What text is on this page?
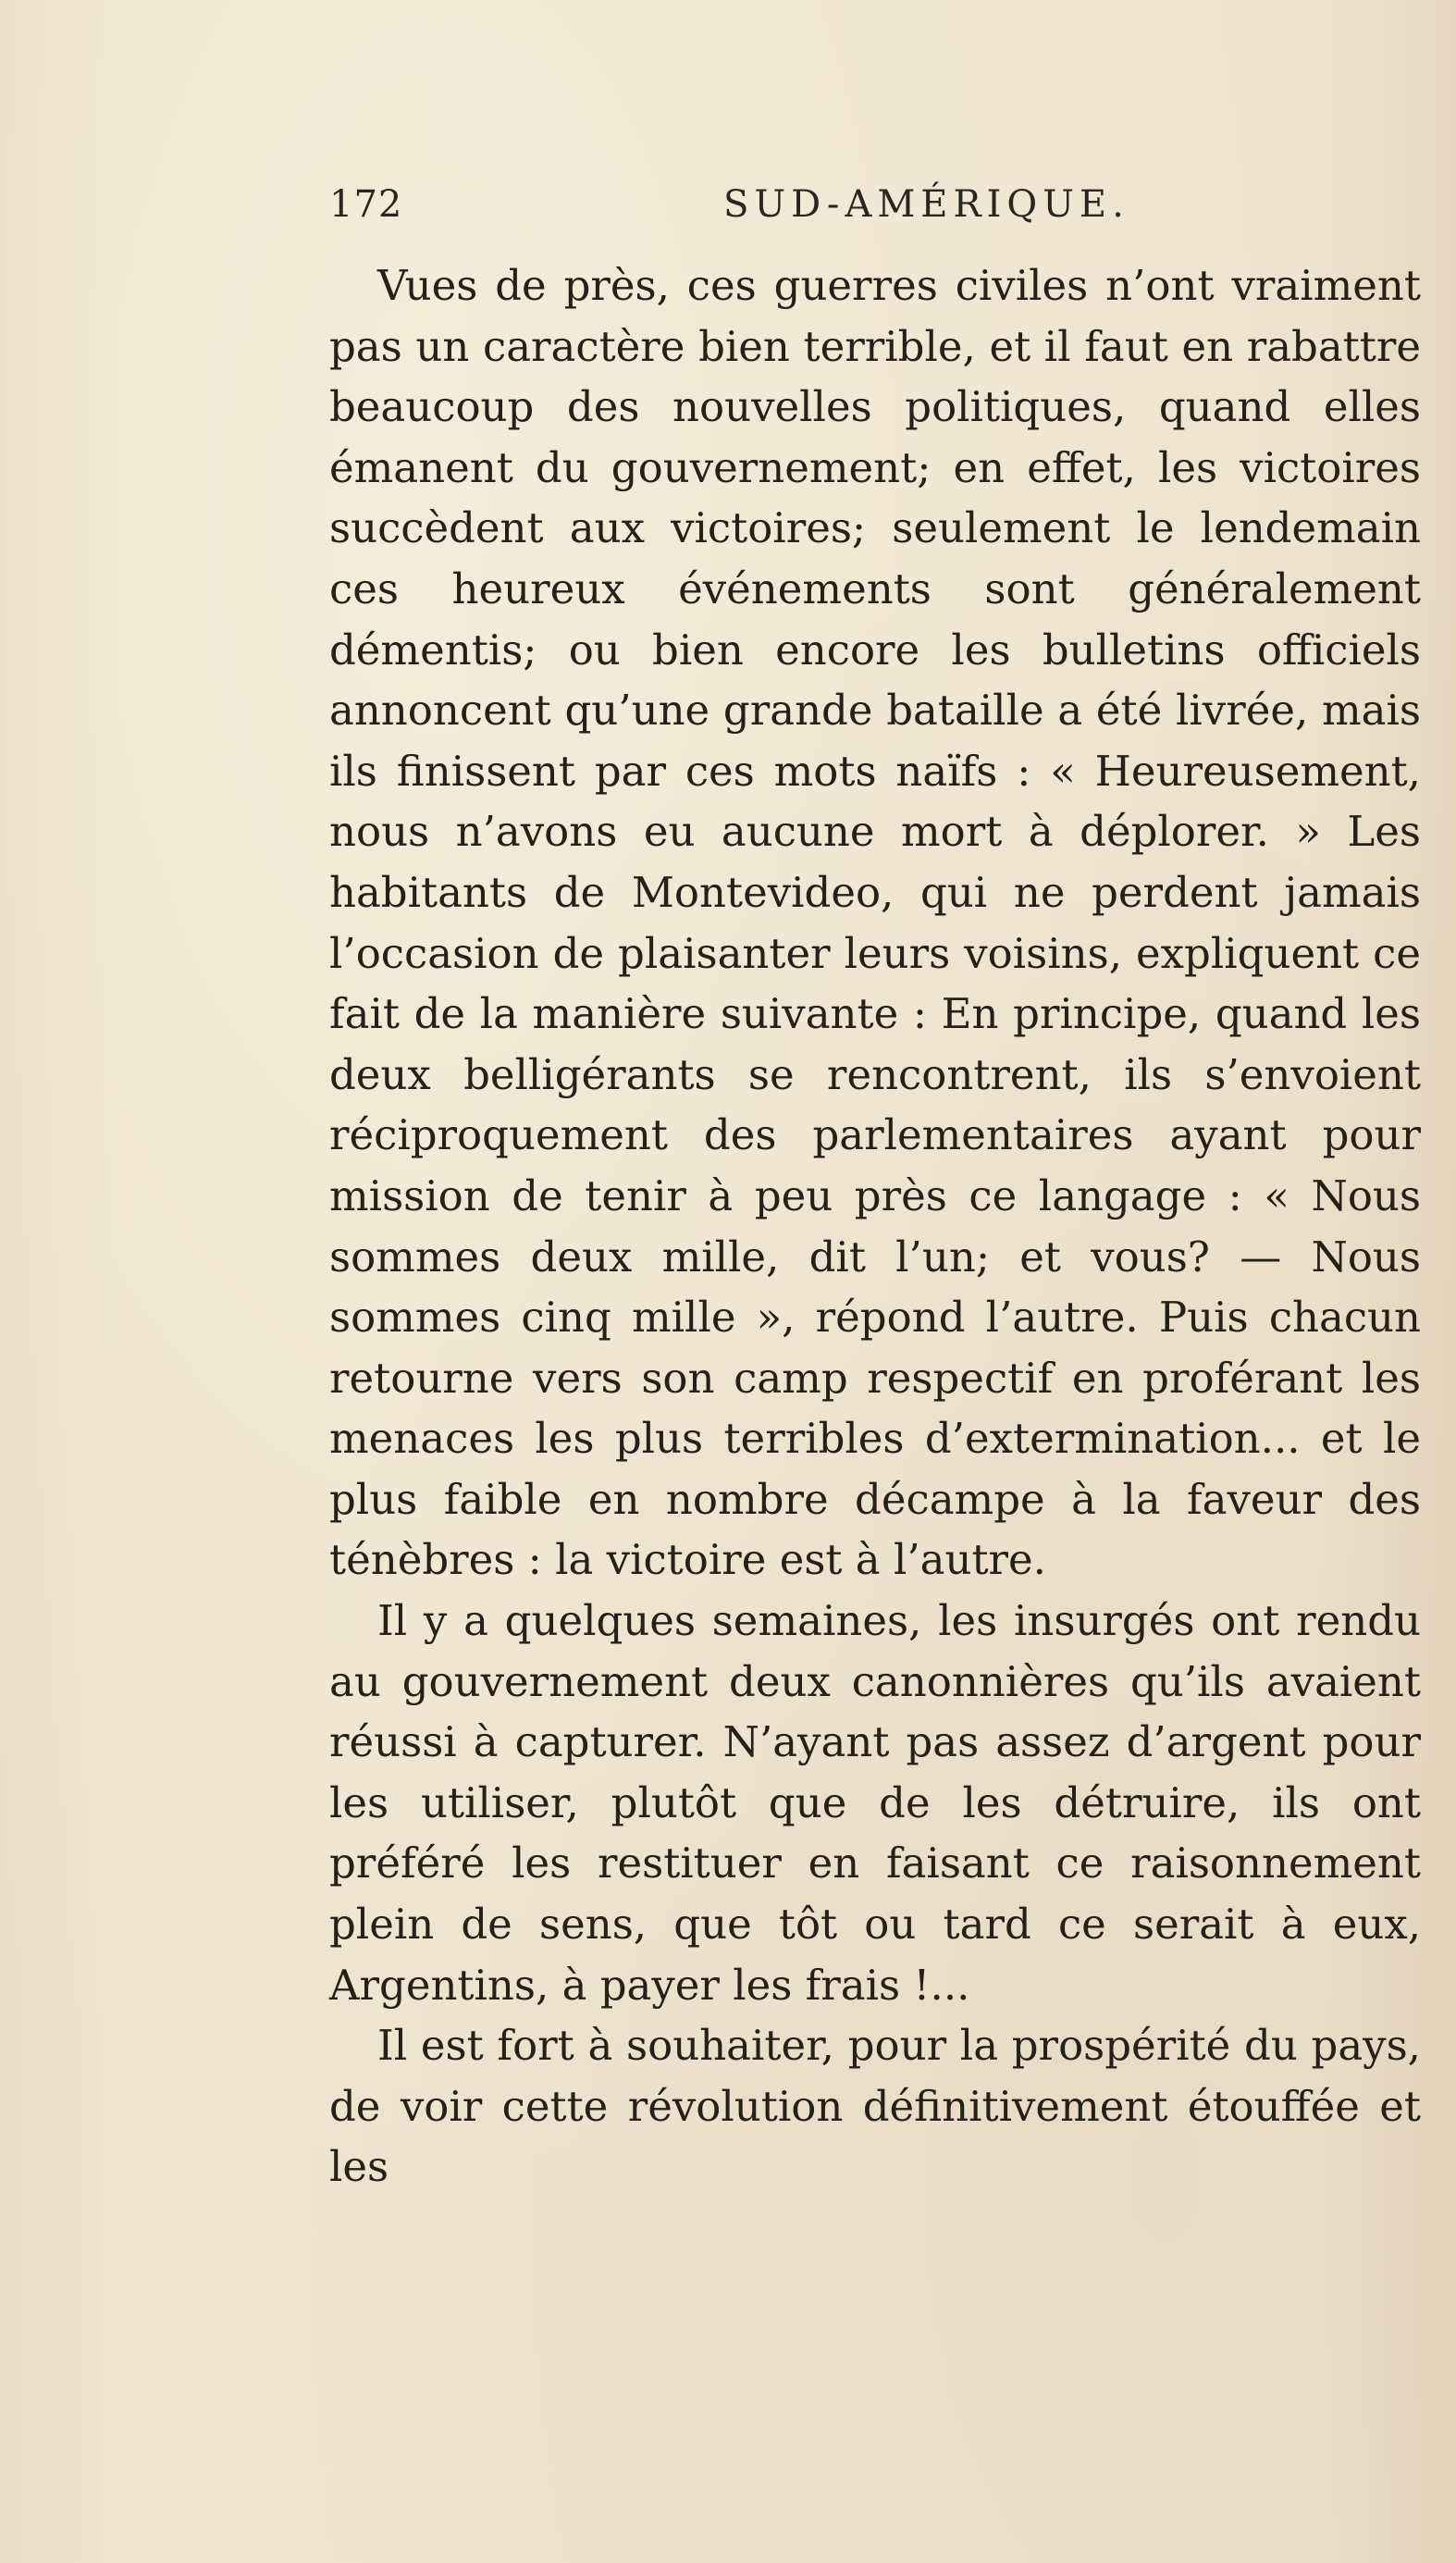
172	SUD-AMÉRIQUE.

Vues de près, ces guerres civiles n’ont vraiment pas un caractère bien terrible, et il faut en rabattre beaucoup des nouvelles politiques, quand elles émanent du gouvernement; en effet, les victoires succèdent aux victoires; seulement le lendemain ces heureux événements sont généralement démentis; ou bien encore les bulletins officiels annoncent qu’une grande bataille a été livrée, mais ils finissent par ces mots naïfs : « Heureusement, nous n’avons eu aucune mort à déplorer. » Les habitants de Montevideo, qui ne perdent jamais l’occasion de plaisanter leurs voisins, expliquent ce fait de la manière suivante : En principe, quand les deux belligérants se rencontrent, ils s’envoient réciproquement des parlementaires ayant pour mission de tenir à peu près ce langage : « Nous sommes deux mille, dit l’un; et vous? — Nous sommes cinq mille », répond l’autre. Puis chacun retourne vers son camp respectif en proférant les menaces les plus terribles d’extermination... et le plus faible en nombre décampe à la faveur des ténèbres : la victoire est à l’autre.

Il y a quelques semaines, les insurgés ont rendu au gouvernement deux canonnières qu’ils avaient réussi à capturer. N’ayant pas assez d’argent pour les utiliser, plutôt que de les détruire, ils ont préféré les restituer en faisant ce raisonnement plein de sens, que tôt ou tard ce serait à eux, Argentins, à payer les frais !...

Il est fort à souhaiter, pour la prospérité du pays, de voir cette révolution définitivement étouffée et les
